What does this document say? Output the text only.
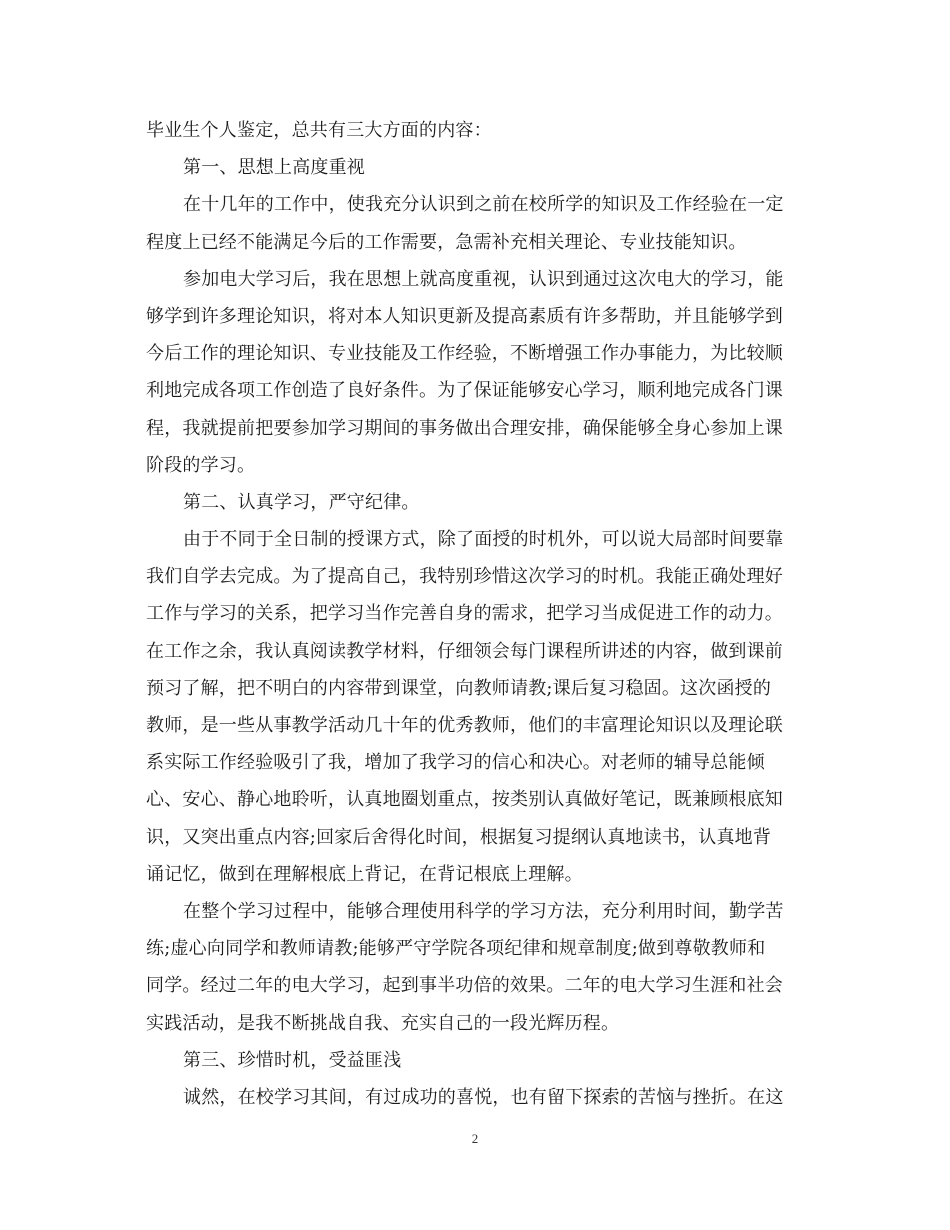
毕业生个人鉴定，总共有三大方面的内容：
第一、思想上高度重视
在十几年的工作中，使我充分认识到之前在校所学的知识及工作经验在一定
程度上已经不能满足今后的工作需要，急需补充相关理论、专业技能知识。
参加电大学习后，我在思想上就高度重视，认识到通过这次电大的学习，能
够学到许多理论知识，将对本人知识更新及提高素质有许多帮助，并且能够学到
今后工作的理论知识、专业技能及工作经验，不断增强工作办事能力，为比较顺
利地完成各项工作创造了良好条件。为了保证能够安心学习，顺利地完成各门课
程，我就提前把要参加学习期间的事务做出合理安排，确保能够全身心参加上课
阶段的学习。
第二、认真学习，严守纪律。
由于不同于全日制的授课方式，除了面授的时机外，可以说大局部时间要靠
我们自学去完成。为了提高自己，我特别珍惜这次学习的时机。我能正确处理好
工作与学习的关系，把学习当作完善自身的需求，把学习当成促进工作的动力。
在工作之余，我认真阅读教学材料，仔细领会每门课程所讲述的内容，做到课前
预习了解，把不明白的内容带到课堂，向教师请教;课后复习稳固。这次函授的
教师，是一些从事教学活动几十年的优秀教师，他们的丰富理论知识以及理论联
系实际工作经验吸引了我，增加了我学习的信心和决心。对老师的辅导总能倾
心、安心、静心地聆听，认真地圈划重点，按类别认真做好笔记，既兼顾根底知
识，又突出重点内容;回家后舍得化时间，根据复习提纲认真地读书，认真地背
诵记忆，做到在理解根底上背记，在背记根底上理解。
在整个学习过程中，能够合理使用科学的学习方法，充分利用时间，勤学苦
练;虚心向同学和教师请教;能够严守学院各项纪律和规章制度;做到尊敬教师和
同学。经过二年的电大学习，起到事半功倍的效果。二年的电大学习生涯和社会
实践活动，是我不断挑战自我、充实自己的一段光辉历程。
第三、珍惜时机，受益匪浅
诚然，在校学习其间，有过成功的喜悦，也有留下探索的苦恼与挫折。在这
2
